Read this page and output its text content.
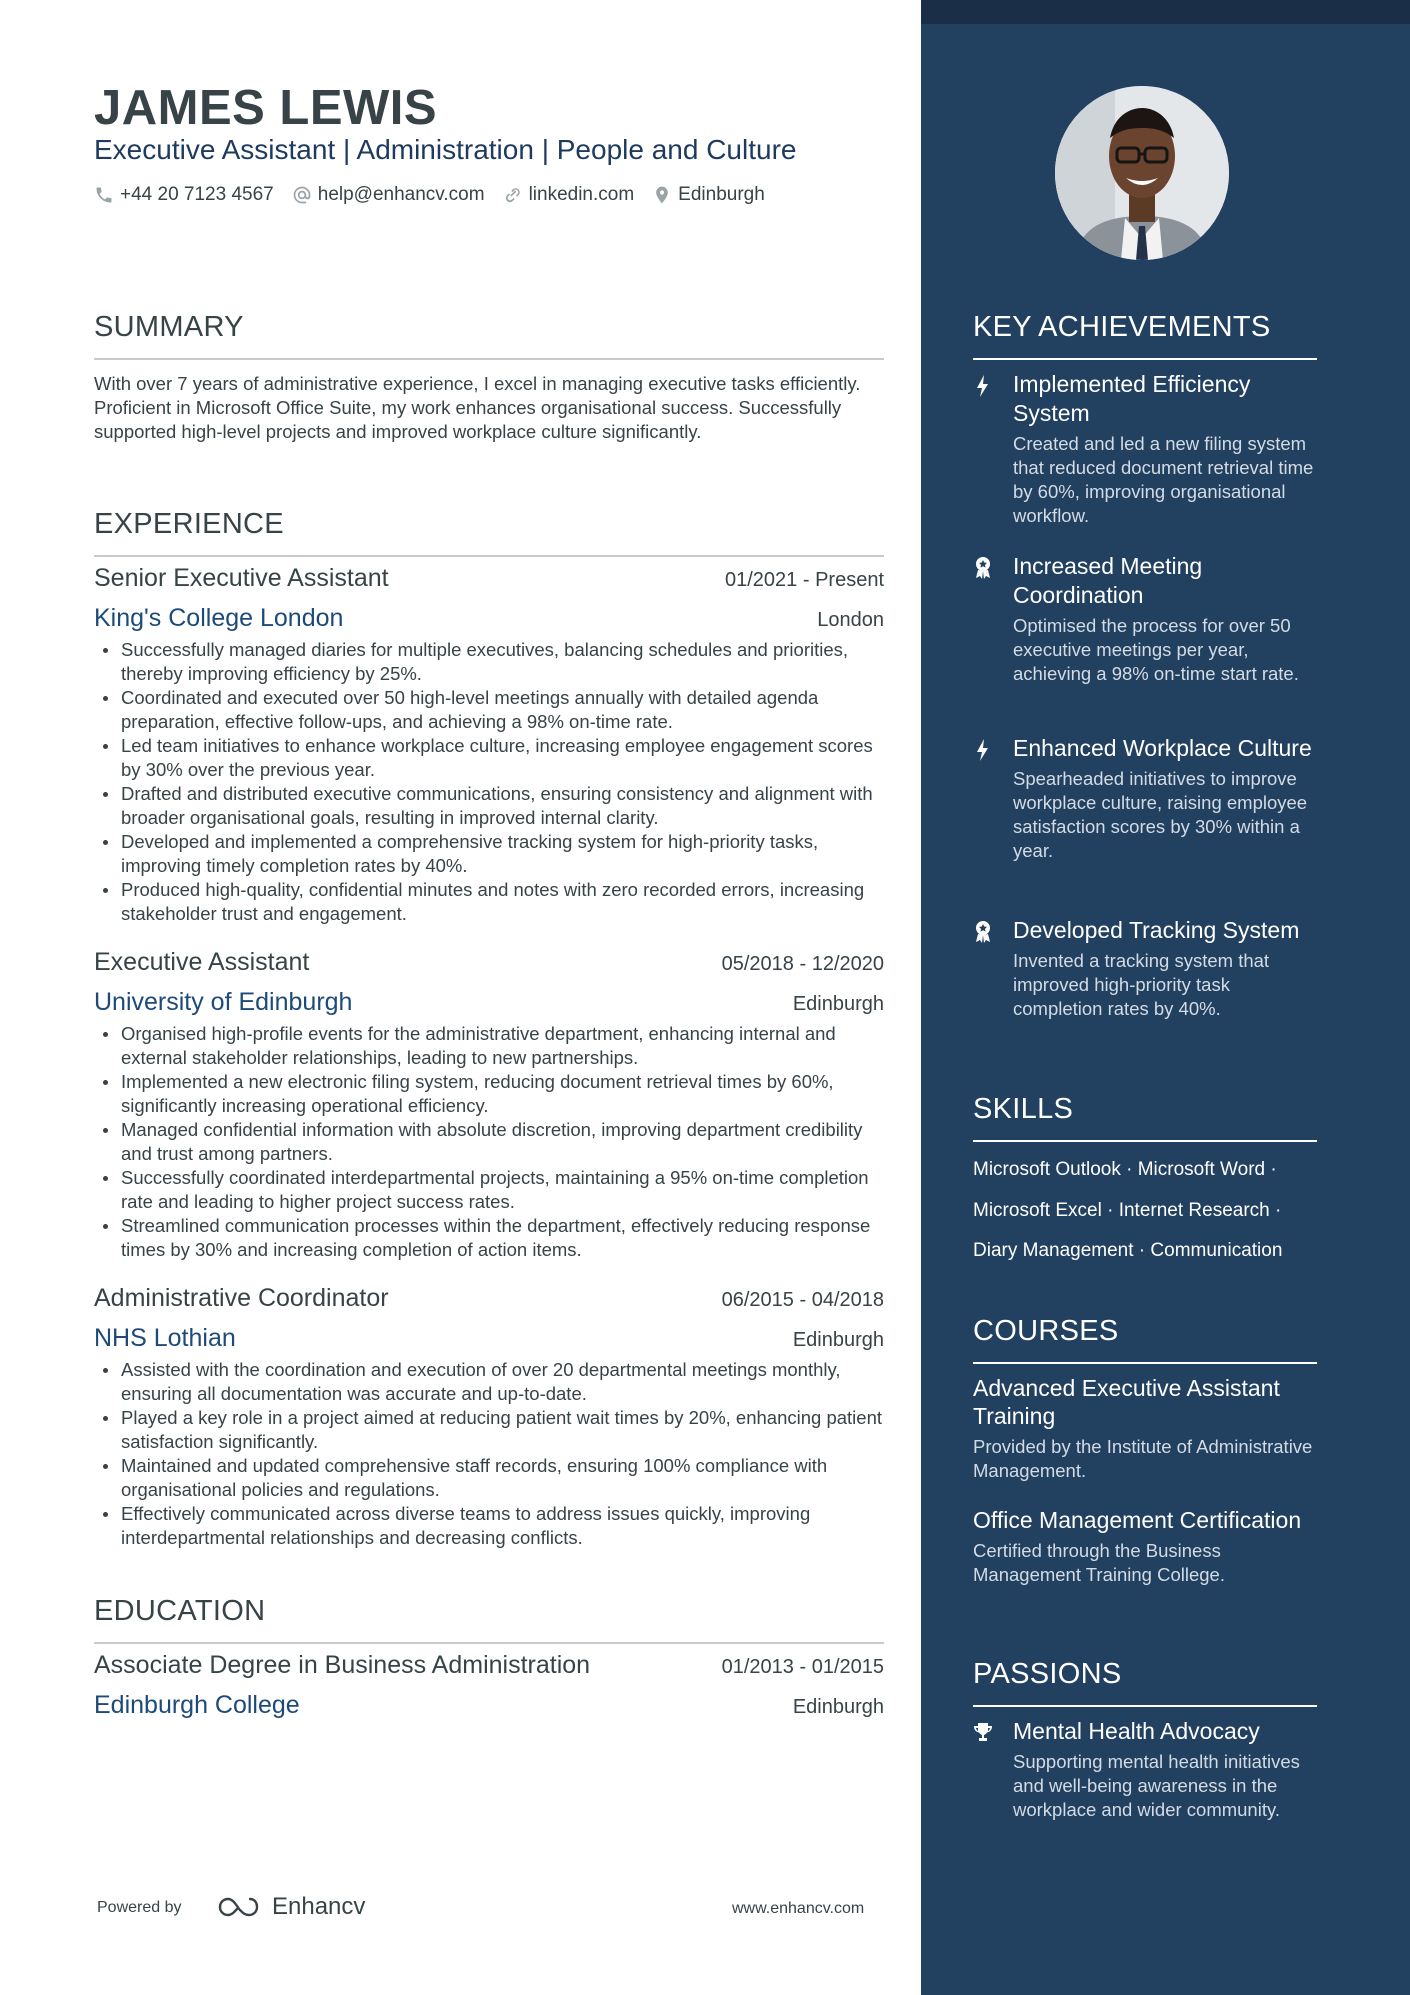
JAMES LEWIS
Executive Assistant | Administration | People and Culture
+44 20 7123 4567 help@enhancv.com linkedin.com Edinburgh
SUMMARY
With over 7 years of administrative experience, I excel in managing executive tasks efficiently. Proficient in Microsoft Office Suite, my work enhances organisational success. Successfully supported high-level projects and improved workplace culture significantly.
EXPERIENCE
Senior Executive Assistant	01/2021 - Present
King's College London	London
Successfully managed diaries for multiple executives, balancing schedules and priorities, thereby improving efficiency by 25%.
Coordinated and executed over 50 high-level meetings annually with detailed agenda preparation, effective follow-ups, and achieving a 98% on-time rate.
Led team initiatives to enhance workplace culture, increasing employee engagement scores by 30% over the previous year.
Drafted and distributed executive communications, ensuring consistency and alignment with broader organisational goals, resulting in improved internal clarity.
Developed and implemented a comprehensive tracking system for high-priority tasks, improving timely completion rates by 40%.
Produced high-quality, confidential minutes and notes with zero recorded errors, increasing stakeholder trust and engagement.
Executive Assistant	05/2018 - 12/2020
University of Edinburgh	Edinburgh
Organised high-profile events for the administrative department, enhancing internal and external stakeholder relationships, leading to new partnerships.
Implemented a new electronic filing system, reducing document retrieval times by 60%, significantly increasing operational efficiency.
Managed confidential information with absolute discretion, improving department credibility and trust among partners.
Successfully coordinated interdepartmental projects, maintaining a 95% on-time completion rate and leading to higher project success rates.
Streamlined communication processes within the department, effectively reducing response times by 30% and increasing completion of action items.
Administrative Coordinator	06/2015 - 04/2018
NHS Lothian	Edinburgh
Assisted with the coordination and execution of over 20 departmental meetings monthly, ensuring all documentation was accurate and up-to-date.
Played a key role in a project aimed at reducing patient wait times by 20%, enhancing patient satisfaction significantly.
Maintained and updated comprehensive staff records, ensuring 100% compliance with organisational policies and regulations.
Effectively communicated across diverse teams to address issues quickly, improving interdepartmental relationships and decreasing conflicts.
EDUCATION
Associate Degree in Business Administration	01/2013 - 01/2015
Edinburgh College	Edinburgh
Powered by	Enhancv	www.enhancv.com
KEY ACHIEVEMENTS
Implemented Efficiency System
Created and led a new filing system that reduced document retrieval time by 60%, improving organisational workflow.
Increased Meeting Coordination
Optimised the process for over 50 executive meetings per year, achieving a 98% on-time start rate.
Enhanced Workplace Culture
Spearheaded initiatives to improve workplace culture, raising employee satisfaction scores by 30% within a year.
Developed Tracking System
Invented a tracking system that improved high-priority task completion rates by 40%.
SKILLS
Microsoft Outlook · Microsoft Word ·
Microsoft Excel · Internet Research ·
Diary Management · Communication
COURSES
Advanced Executive Assistant Training
Provided by the Institute of Administrative Management.
Office Management Certification
Certified through the Business Management Training College.
PASSIONS
Mental Health Advocacy
Supporting mental health initiatives and well-being awareness in the workplace and wider community.
